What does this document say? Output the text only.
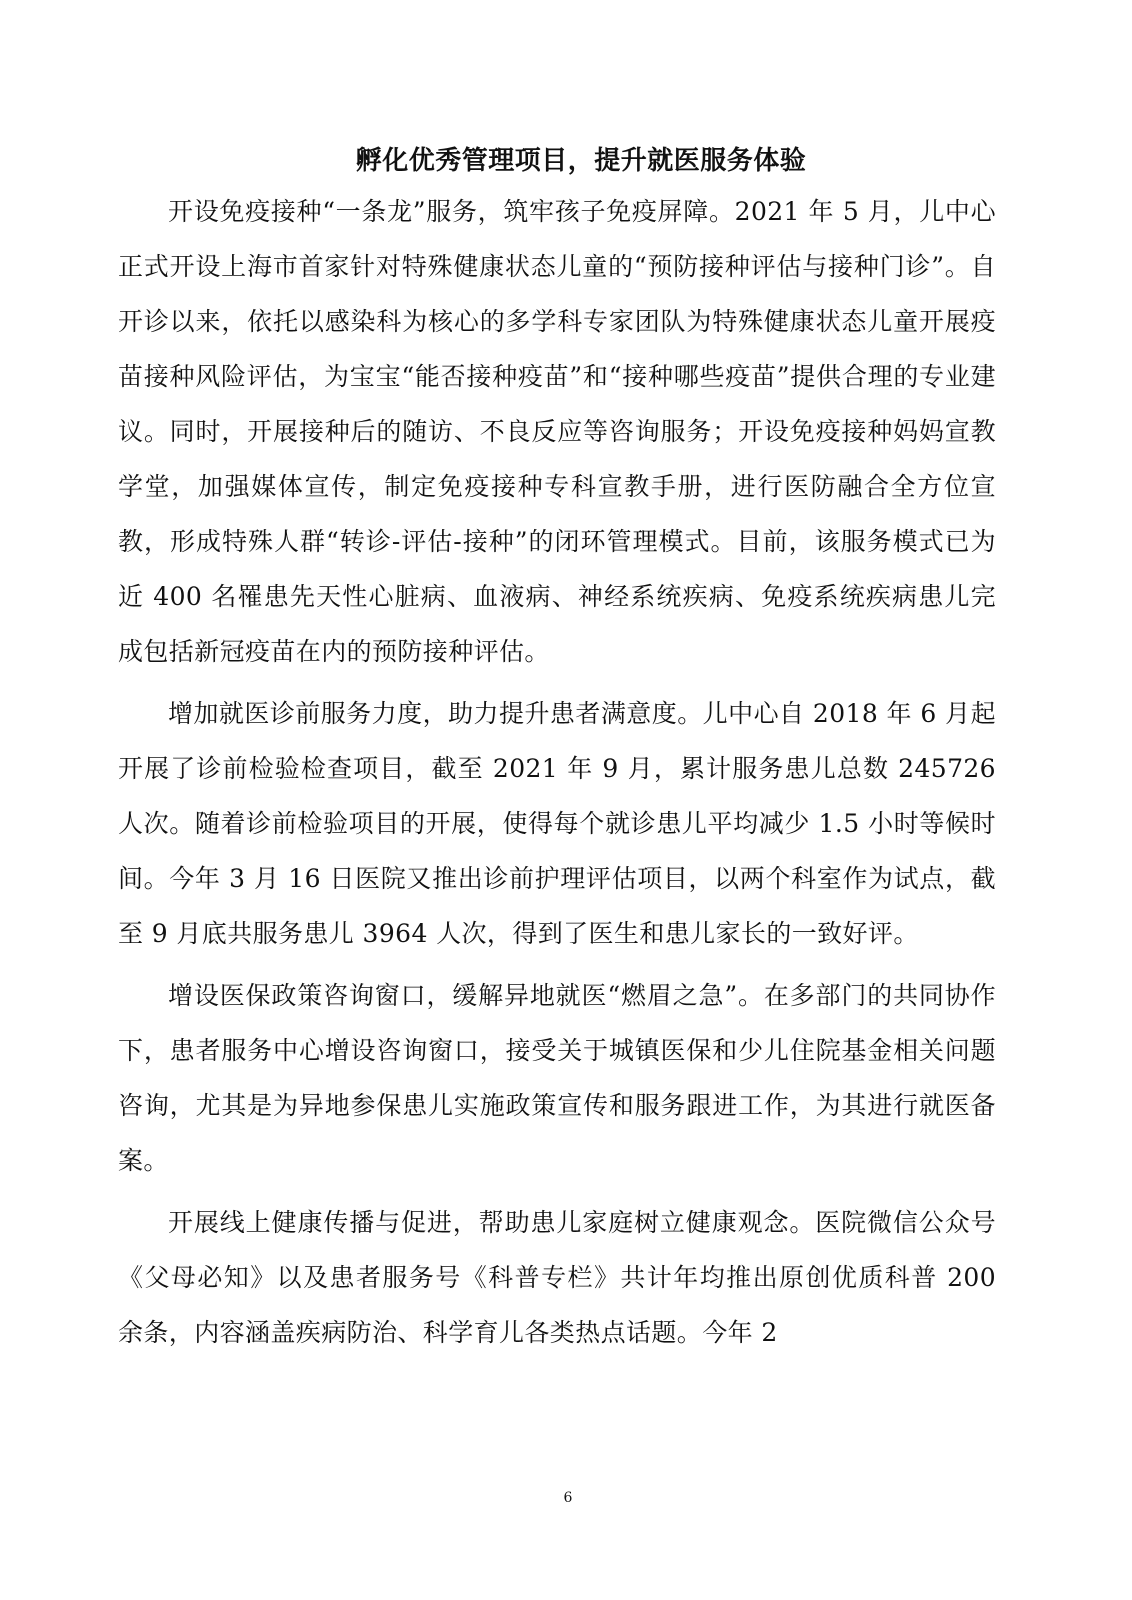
孵化优秀管理项目，提升就医服务体验

开设免疫接种“一条龙”服务，筑牢孩子免疫屏障。2021 年 5 月，儿中心正式开设上海市首家针对特殊健康状态儿童的“预防接种评估与接种门诊”。自开诊以来，依托以感染科为核心的多学科专家团队为特殊健康状态儿童开展疫苗接种风险评估，为宝宝“能否接种疫苗”和“接种哪些疫苗”提供合理的专业建议。同时，开展接种后的随访、不良反应等咨询服务；开设免疫接种妈妈宣教学堂，加强媒体宣传，制定免疫接种专科宣教手册，进行医防融合全方位宣教，形成特殊人群“转诊-评估-接种”的闭环管理模式。目前，该服务模式已为近 400 名罹患先天性心脏病、血液病、神经系统疾病、免疫系统疾病患儿完成包括新冠疫苗在内的预防接种评估。

增加就医诊前服务力度，助力提升患者满意度。儿中心自 2018 年 6 月起开展了诊前检验检查项目，截至 2021 年 9 月，累计服务患儿总数 245726 人次。随着诊前检验项目的开展，使得每个就诊患儿平均减少 1.5 小时等候时间。今年 3 月 16 日医院又推出诊前护理评估项目，以两个科室作为试点，截至 9 月底共服务患儿 3964 人次，得到了医生和患儿家长的一致好评。

增设医保政策咨询窗口，缓解异地就医“燃眉之急”。在多部门的共同协作下，患者服务中心增设咨询窗口，接受关于城镇医保和少儿住院基金相关问题咨询，尤其是为异地参保患儿实施政策宣传和服务跟进工作，为其进行就医备案。

开展线上健康传播与促进，帮助患儿家庭树立健康观念。医院微信公众号《父母必知》以及患者服务号《科普专栏》共计年均推出原创优质科普 200 余条，内容涵盖疾病防治、科学育儿各类热点话题。今年 2

6
